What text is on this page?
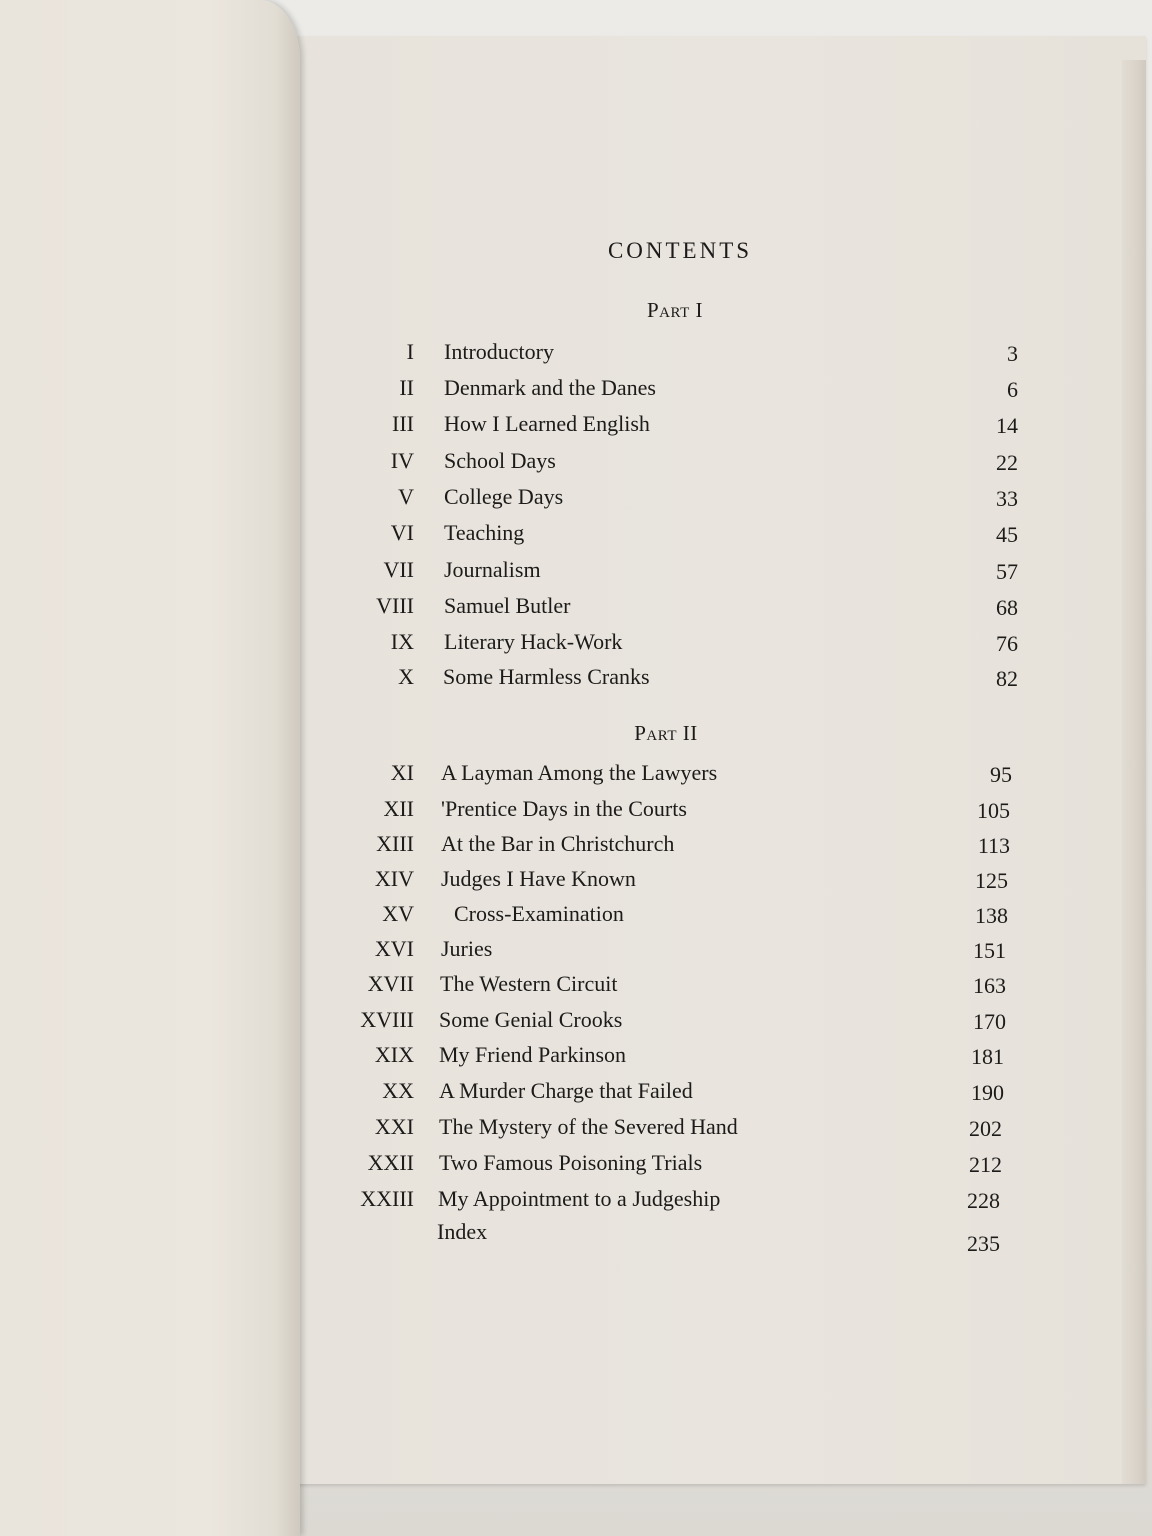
CONTENTS
Part I
I Introductory	3
II Denmark and the Danes	6
III How I Learned English	14
IV School Days	22
V College Days	33
VI Teaching	45
VII Journalism	57
VIII Samuel Butler	68
IX Literary Hack-Work	76
X Some Harmless Cranks	82
Part II
XI A Layman Among the Lawyers	95
XII 'Prentice Days in the Courts	105
XIII At the Bar in Christchurch	113
XIV Judges I Have Known	125
XV Cross-Examination	138
XVI Juries	151
XVII The Western Circuit	163
XVIII Some Genial Crooks	170
XIX My Friend Parkinson	181
XX A Murder Charge that Failed	190
XXI The Mystery of the Severed Hand	202
XXII Two Famous Poisoning Trials	212
XXIII My Appointment to a Judgeship	228
Index	235
